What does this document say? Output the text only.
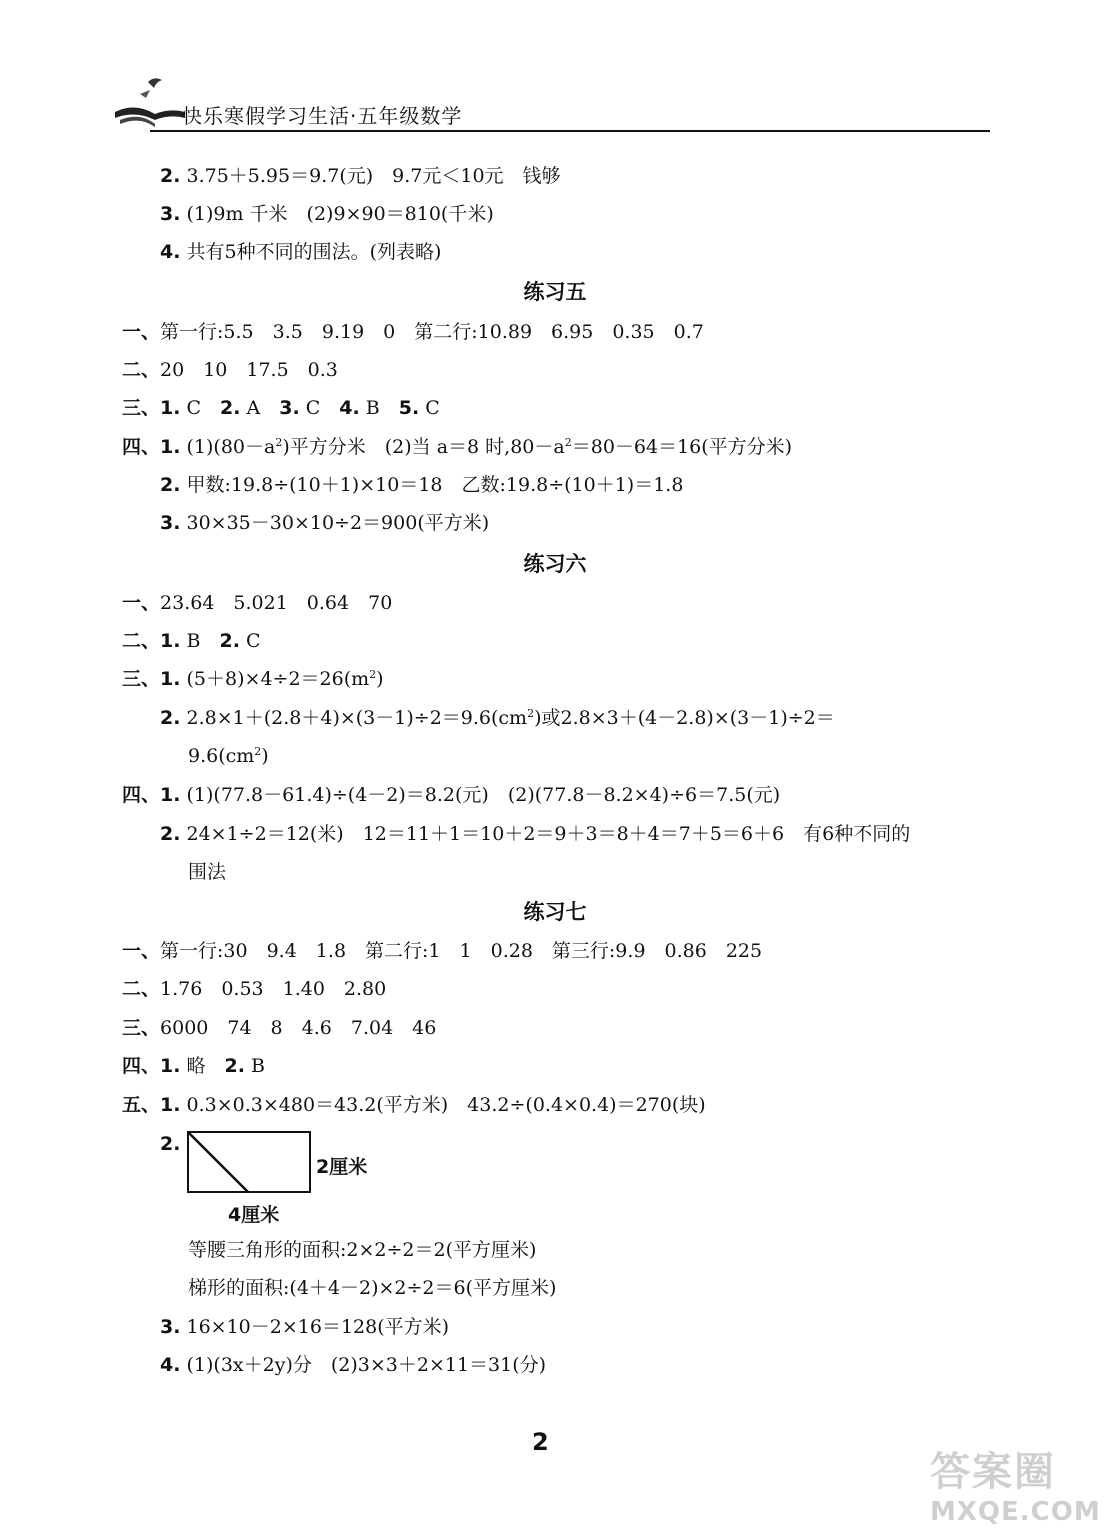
快乐寒假学习生活·五年级数学
2. 3.75＋5.95＝9.7(元)　9.7元＜10元　钱够
3. (1)9m 千米　(2)9×90＝810(千米)
4. 共有5种不同的围法。(列表略)
练习五
一、第一行:5.5　3.5　9.19　0　第二行:10.89　6.95　0.35　0.7
二、20　10　17.5　0.3
三、1. C　2. A　3. C　4. B　5. C
四、1. $(1)(80-a^2)$平方分米　(2)当 a＝8 时$,80-a^2=80-64=16$(平方分米)
2. 甲数:19.8÷(10＋1)×10＝18　乙数:19.8÷(10＋1)＝1.8
3. 30×35－30×10÷2＝900(平方米)
练习六
一、23.64　5.021　0.64　70
二、1. B　2. C
三、1. $(5+8)\times 4\div 2=26(m^2)$
2. $2.8\times 1+(2.8+4)\times(3-1)\div 2=9.6(cm^2)$或2.8×3＋(4－2.8)×(3－1)÷2＝
$9.6(cm^2)$
四、1. (1)(77.8－61.4)÷(4－2)＝8.2(元)　(2)(77.8－8.2×4)÷6＝7.5(元)
2. 24×1÷2＝12(米)　12＝11＋1＝10＋2＝9＋3＝8＋4＝7＋5＝6＋6　有6种不同的
围法
练习七
一、第一行:30　9.4　1.8　第二行:1　1　0.28　第三行:9.9　0.86　225
二、1.76　0.53　1.40　2.80
三、6000　74　8　4.6　7.04　46
四、1. 略　2. B
五、1. 0.3×0.3×480＝43.2(平方米)　43.2÷(0.4×0.4)＝270(块)
2.
2厘米
4厘米
等腰三角形的面积:2×2÷2＝2(平方厘米)
梯形的面积:(4＋4－2)×2÷2＝6(平方厘米)
3. 16×10－2×16＝128(平方米)
4. (1)(3x＋2y)分　(2)3×3＋2×11＝31(分)
2
答案圈
MXQE.COM
